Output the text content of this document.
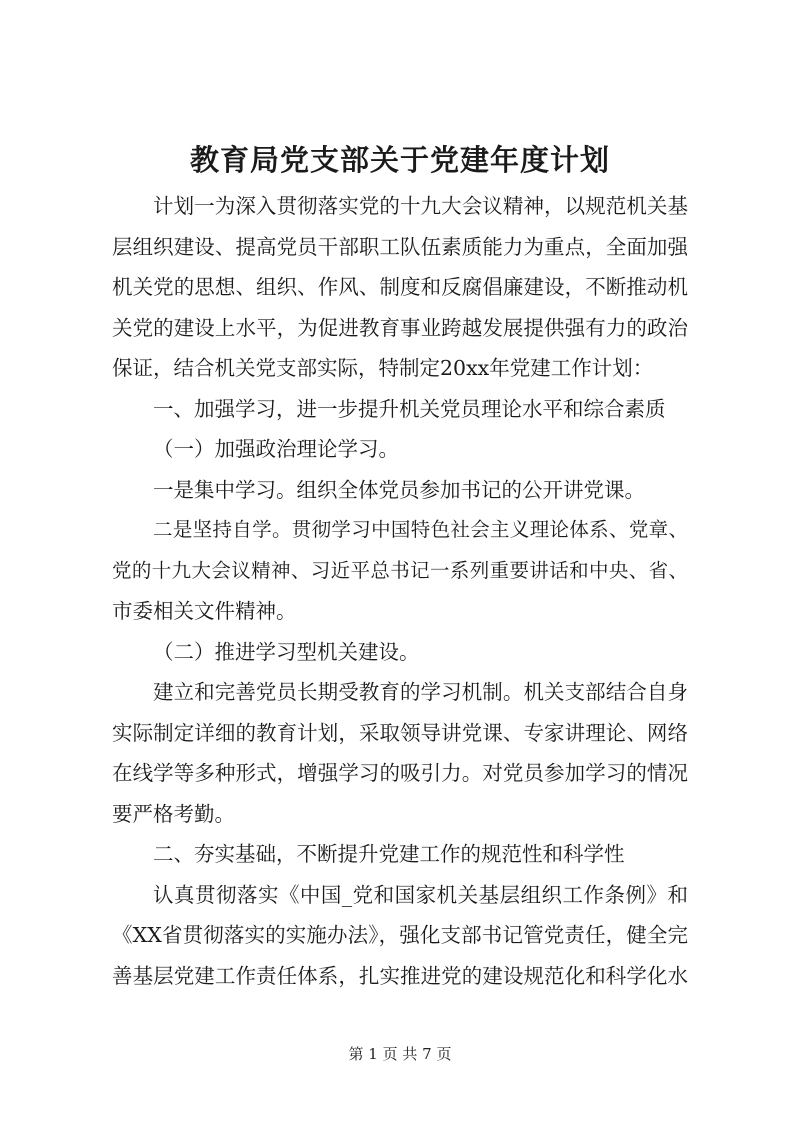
教育局党支部关于党建年度计划
计划一为深入贯彻落实党的十九大会议精神，以规范机关基
层组织建设、提高党员干部职工队伍素质能力为重点，全面加强
机关党的思想、组织、作风、制度和反腐倡廉建设，不断推动机
关党的建设上水平，为促进教育事业跨越发展提供强有力的政治
保证，结合机关党支部实际，特制定20xx年党建工作计划：
一、加强学习，进一步提升机关党员理论水平和综合素质
（一）加强政治理论学习。
一是集中学习。组织全体党员参加书记的公开讲党课。
二是坚持自学。贯彻学习中国特色社会主义理论体系、党章、
党的十九大会议精神、习近平总书记一系列重要讲话和中央、省、
市委相关文件精神。
（二）推进学习型机关建设。
建立和完善党员长期受教育的学习机制。机关支部结合自身
实际制定详细的教育计划，采取领导讲党课、专家讲理论、网络
在线学等多种形式，增强学习的吸引力。对党员参加学习的情况
要严格考勤。
二、夯实基础，不断提升党建工作的规范性和科学性
认真贯彻落实《中国_党和国家机关基层组织工作条例》和
《XX省贯彻落实的实施办法》，强化支部书记管党责任，健全完
善基层党建工作责任体系，扎实推进党的建设规范化和科学化水
第 1 页 共 7 页
